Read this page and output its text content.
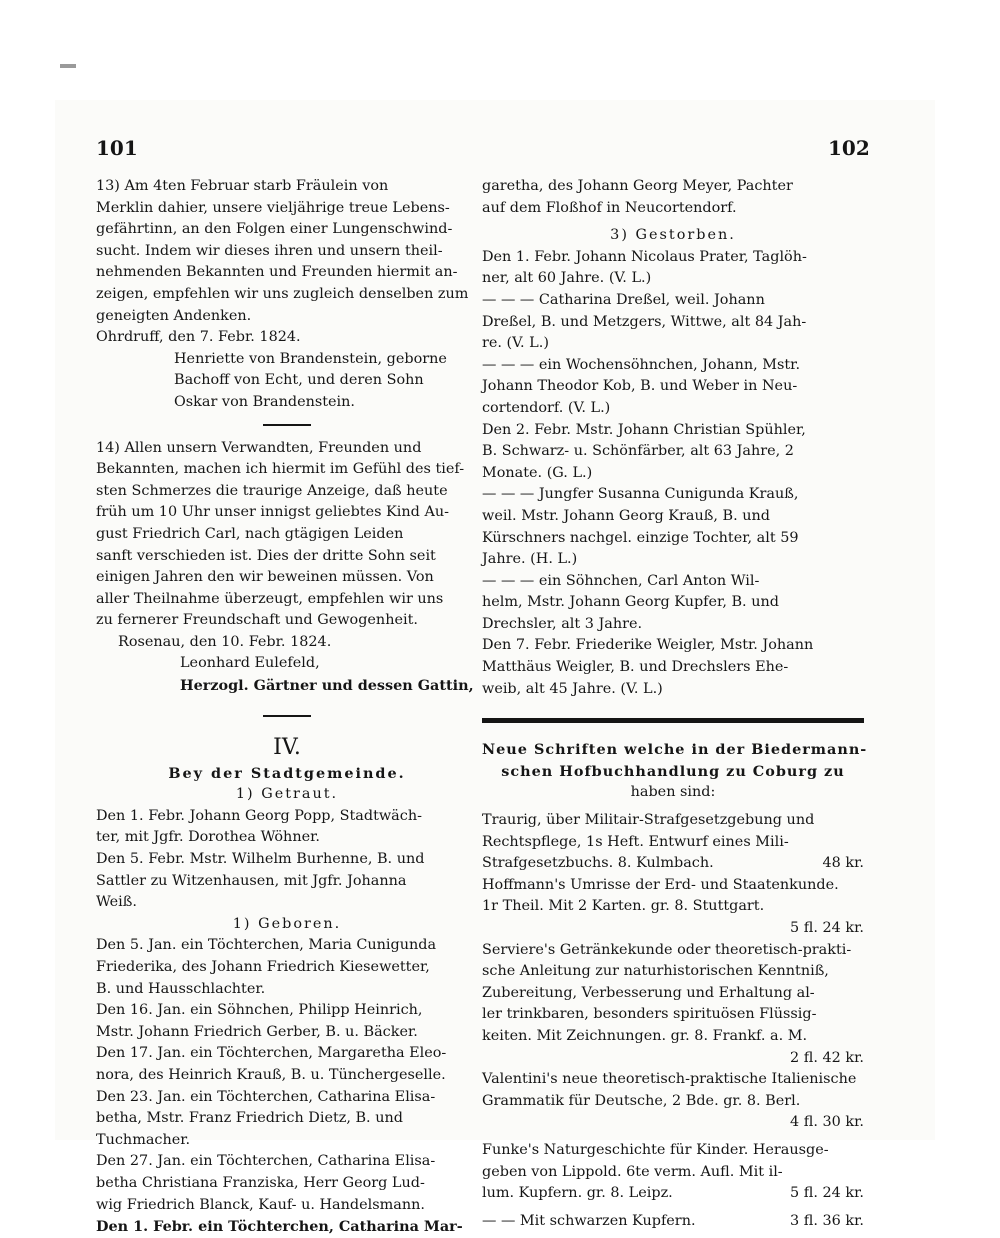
101	102

13) Am 4ten Februar starb Fräulein von

Merklin dahier, unsere vieljährige treue Lebens-

gefährtinn, an den Folgen einer Lungenschwind-

sucht. Indem wir dieses ihren und unsern theil-

nehmenden Bekannten und Freunden hiermit an-

zeigen, empfehlen wir uns zugleich denselben zum

geneigten Andenken.

Ohrdruff, den 7. Febr. 1824.

Henriette von Brandenstein, geborne

Bachoff von Echt, und deren Sohn

Oskar von Brandenstein.

14) Allen unsern Verwandten, Freunden und

Bekannten, machen ich hiermit im Gefühl des tief-

sten Schmerzes die traurige Anzeige, daß heute

früh um 10 Uhr unser innigst geliebtes Kind Au-

gust Friedrich Carl, nach gtägigen Leiden

sanft verschieden ist. Dies der dritte Sohn seit

einigen Jahren den wir beweinen müssen. Von

aller Theilnahme überzeugt, empfehlen wir uns

zu fernerer Freundschaft und Gewogenheit.

Rosenau, den 10. Febr. 1824.

Leonhard Eulefeld,

Herzogl. Gärtner und dessen Gattin,

IV.

Bey der Stadtgemeinde.

1) Getraut.

Den 1. Febr. Johann Georg Popp, Stadtwäch-
ter, mit Jgfr. Dorothea Wöhner.
Den 5. Febr. Mstr. Wilhelm Burhenne, B. und
Sattler zu Witzenhausen, mit Jgfr. Johanna
Weiß.

1) Geboren.

Den 5. Jan. ein Töchterchen, Maria Cunigunda
Friederika, des Johann Friedrich Kiesewetter,
B. und Hausschlachter.
Den 16. Jan. ein Söhnchen, Philipp Heinrich,
Mstr. Johann Friedrich Gerber, B. u. Bäcker.
Den 17. Jan. ein Töchterchen, Margaretha Eleo-
nora, des Heinrich Krauß, B. u. Tünchergeselle.
Den 23. Jan. ein Töchterchen, Catharina Elisa-
betha, Mstr. Franz Friedrich Dietz, B. und
Tuchmacher.
Den 27. Jan. ein Töchterchen, Catharina Elisa-
betha Christiana Franziska, Herr Georg Lud-
wig Friedrich Blanck, Kauf- u. Handelsmann.

Den 1. Febr. ein Töchterchen, Catharina Mar-

garetha, des Johann Georg Meyer, Pachter

auf dem Floßhof in Neucortendorf.

3) Gestorben.

Den 1. Febr. Johann Nicolaus Prater, Taglöh-
ner, alt 60 Jahre. (V. L.)
— — — Catharina Dreßel, weil. Johann
Dreßel, B. und Metzgers, Wittwe, alt 84 Jah-
re. (V. L.)
— — — ein Wochensöhnchen, Johann, Mstr.
Johann Theodor Kob, B. und Weber in Neu-
cortendorf. (V. L.)
Den 2. Febr. Mstr. Johann Christian Spühler,
B. Schwarz- u. Schönfärber, alt 63 Jahre, 2
Monate. (G. L.)
— — — Jungfer Susanna Cunigunda Krauß,
weil. Mstr. Johann Georg Krauß, B. und
Kürschners nachgel. einzige Tochter, alt 59
Jahre. (H. L.)
— — — ein Söhnchen, Carl Anton Wil-
helm, Mstr. Johann Georg Kupfer, B. und
Drechsler, alt 3 Jahre.
Den 7. Febr. Friederike Weigler, Mstr. Johann
Matthäus Weigler, B. und Drechslers Ehe-
weib, alt 45 Jahre. (V. L.)

Neue Schriften welche in der Biedermann-

schen Hofbuchhandlung zu Coburg zu

haben sind:

Traurig, über Militair-Strafgesetzgebung und
Rechtspflege, 1s Heft. Entwurf eines Mili-
Strafgesetzbuchs. 8. Kulmbach.	48 kr.
Hoffmann's Umrisse der Erd- und Staatenkunde.
1r Theil. Mit 2 Karten. gr. 8. Stuttgart.
5 fl. 24 kr.
Serviere's Getränkekunde oder theoretisch-prakti-
sche Anleitung zur naturhistorischen Kenntniß,
Zubereitung, Verbesserung und Erhaltung al-
ler trinkbaren, besonders spirituösen Flüssig-
keiten. Mit Zeichnungen. gr. 8. Frankf. a. M.
2 fl. 42 kr.
Valentini's neue theoretisch-praktische Italienische
Grammatik für Deutsche, 2 Bde. gr. 8. Berl.
4 fl. 30 kr.
Funke's Naturgeschichte für Kinder. Herausge-
geben von Lippold. 6te verm. Aufl. Mit il-
lum. Kupfern. gr. 8. Leipz.	5 fl. 24 kr.
— — Mit schwarzen Kupfern.	3 fl. 36 kr.
